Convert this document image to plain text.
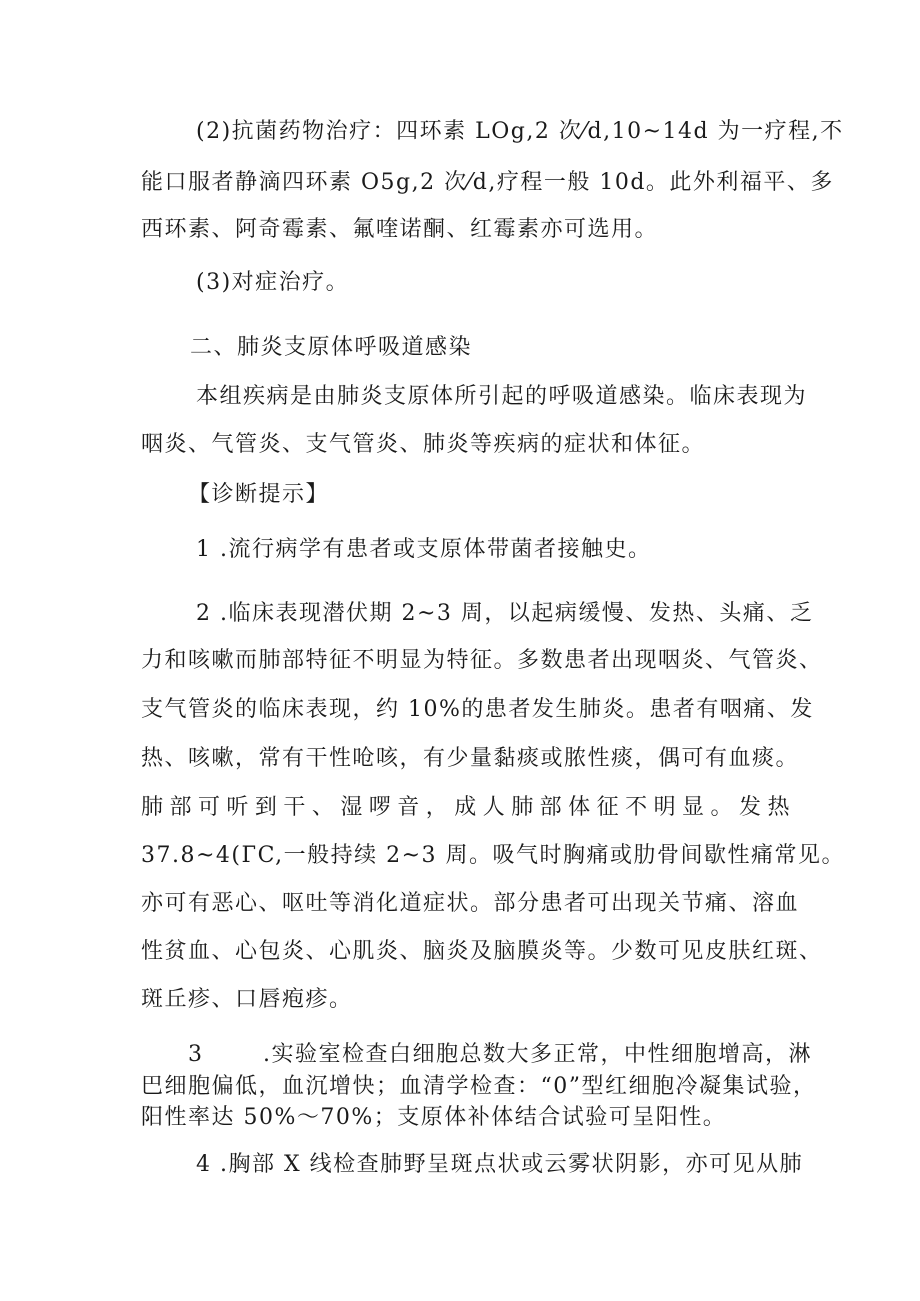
(2)抗菌药物治疗：四环素 LOg,2 次⁄d,10~14d 为一疗程,不
能口服者静滴四环素 O5g,2 次⁄d,疗程一般 10d。此外利福平、多
西环素、阿奇霉素、氟喹诺酮、红霉素亦可选用。
(3)对症治疗。
二、肺炎支原体呼吸道感染
本组疾病是由肺炎支原体所引起的呼吸道感染。临床表现为
咽炎、气管炎、支气管炎、肺炎等疾病的症状和体征。
【诊断提示】
1 .流行病学有患者或支原体带菌者接触史。
2 .临床表现潜伏期 2~3 周，以起病缓慢、发热、头痛、乏
力和咳嗽而肺部特征不明显为特征。多数患者出现咽炎、气管炎、
支气管炎的临床表现，约 10%的患者发生肺炎。患者有咽痛、发
热、咳嗽，常有干性呛咳，有少量黏痰或脓性痰，偶可有血痰。
肺部可听到干、湿啰音，成人肺部体征不明显。发热
37.8~4(ГC,一般持续 2~3 周。吸气时胸痛或肋骨间歇性痛常见。
亦可有恶心、呕吐等消化道症状。部分患者可出现关节痛、溶血
性贫血、心包炎、心肌炎、脑炎及脑膜炎等。少数可见皮肤红斑、
斑丘疹、口唇疱疹。
3       .实验室检查白细胞总数大多正常，中性细胞增高，淋
巴细胞偏低，血沉增快；血清学检查：“0”型红细胞冷凝集试验，
阳性率达 50%～70%；支原体补体结合试验可呈阳性。
4 .胸部 X 线检查肺野呈斑点状或云雾状阴影，亦可见从肺
